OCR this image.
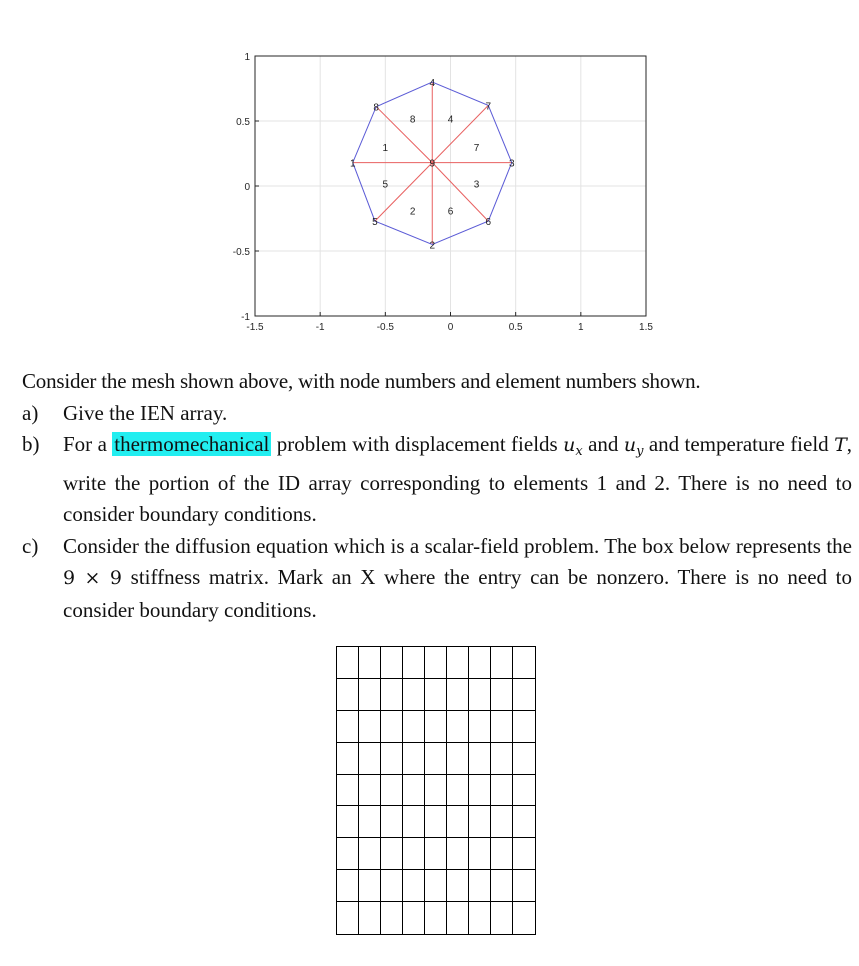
-1.5	-1	-0.5	0	0.5	1	1.5
1
0.5
0
-0.5
-1
1
2
3
4
5	6
7
8
9
1
2
3
4
5
6
7
8
Consider the mesh shown above, with node numbers and element numbers shown.
a) Give the IEN array.
b) For a thermomechanical problem with displacement fields $u_x$ and $u_y$ and temperature field T, write the portion of the ID array corresponding to elements 1 and 2. There is no need to consider boundary conditions.
c) Consider the diffusion equation which is a scalar-field problem. The box below represents the 9 × 9 stiffness matrix. Mark an X where the entry can be nonzero. There is no need to consider boundary conditions.
